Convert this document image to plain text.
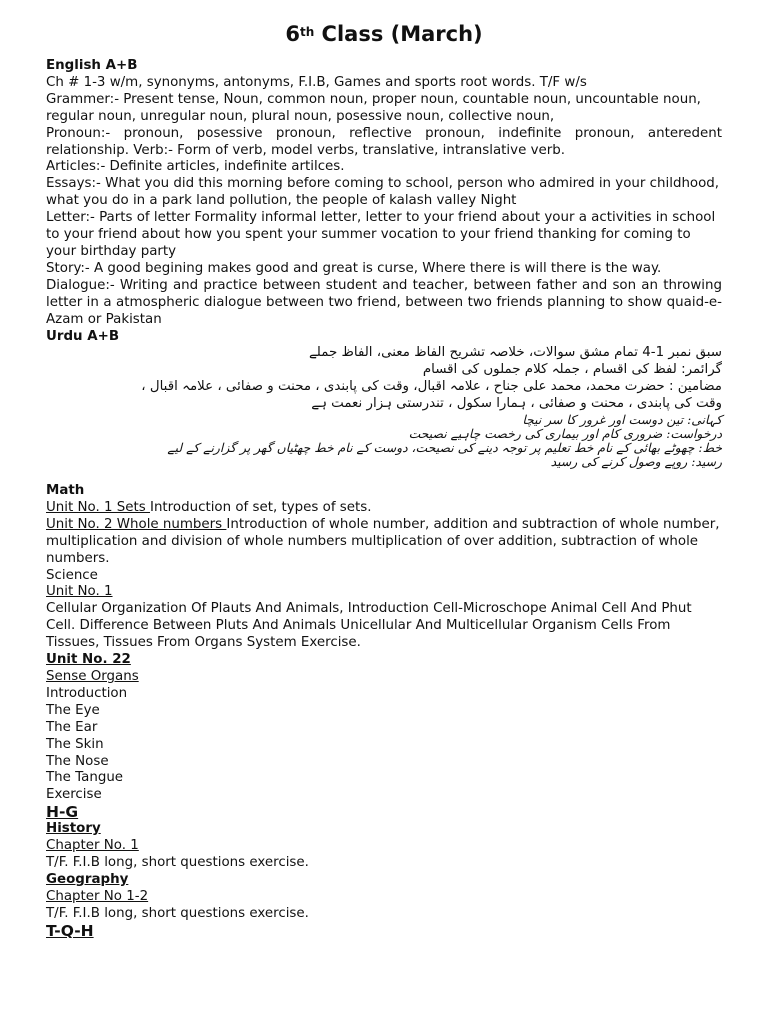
6th Class (March)

English A+B

Ch # 1-3 w/m, synonyms, antonyms, F.I.B, Games and sports root words. T/F w/s

Grammer:- Present tense, Noun, common noun, proper noun, countable noun, uncountable noun, regular noun, unregular noun, plural noun, posessive noun, collective noun,

Pronoun:- pronoun, posessive pronoun, reflective pronoun, indefinite pronoun, anteredent relationship. Verb:- Form of verb, model verbs, translative, intranslative verb.

Articles:- Definite articles, indefinite artilces.

Essays:- What you did this morning before coming to school, person who admired in your childhood, what you do in a park land pollution, the people of kalash valley Night

Letter:- Parts of letter Formality informal letter, letter to your friend about your a activities in school to your friend about how you spent your summer vocation to your friend thanking for coming to your birthday party

Story:- A good begining makes good and great is curse, Where there is will there is the way.

Dialogue:- Writing and practice between student and teacher, between father and son an throwing letter in a atmospheric dialogue between two friend, between two friends planning to show quaid-e-Azam or Pakistan

Urdu A+B

سبق نمبر 1-4 تمام مشق سوالات، خلاصہ تشریح الفاظ معنی، الفاظ جملے

گرائمر: لفظ کی اقسام ، جملہ کلام جملوں کی اقسام

مضامین : حضرت محمد، محمد علی جناح ، علامہ اقبال، وقت کی پابندی ، محنت و صفائی ، علامہ اقبال ،

وقت کی پابندی ، محنت و صفائی ، ہمارا سکول ، تندرستی ہزار نعمت ہے

کہانی: تین دوست اور غرور کا سر نیچا

درخواست: ضروری کام اور بیماری کی رخصت چاہیے نصیحت

خط: چھوٹے بھائی کے نام خط تعلیم پر توجہ دینے کی نصیحت، دوست کے نام خط چھٹیاں گھر پر گزارنے کے لیے

رسید: روپے وصول کرنے کی رسید

Math

Unit No. 1 Sets Introduction of set, types of sets.

Unit No. 2 Whole numbers Introduction of whole number, addition and subtraction of whole number, multiplication and division of whole numbers multiplication of over addition, subtraction of whole numbers.

Science

Unit No. 1

Cellular Organization Of Plauts And Animals, Introduction Cell-Microschope Animal Cell And Phut Cell. Difference Between Pluts And Animals Unicellular And Multicellular Organism Cells From Tissues, Tissues From Organs System Exercise.

Unit No. 22

Sense Organs

Introduction

The Eye

The Ear

The Skin

The Nose

The Tangue

Exercise

H-G

History

Chapter No. 1

T/F. F.I.B long, short questions exercise.

Geography

Chapter No 1-2

T/F. F.I.B long, short questions exercise.

T-Q-H
